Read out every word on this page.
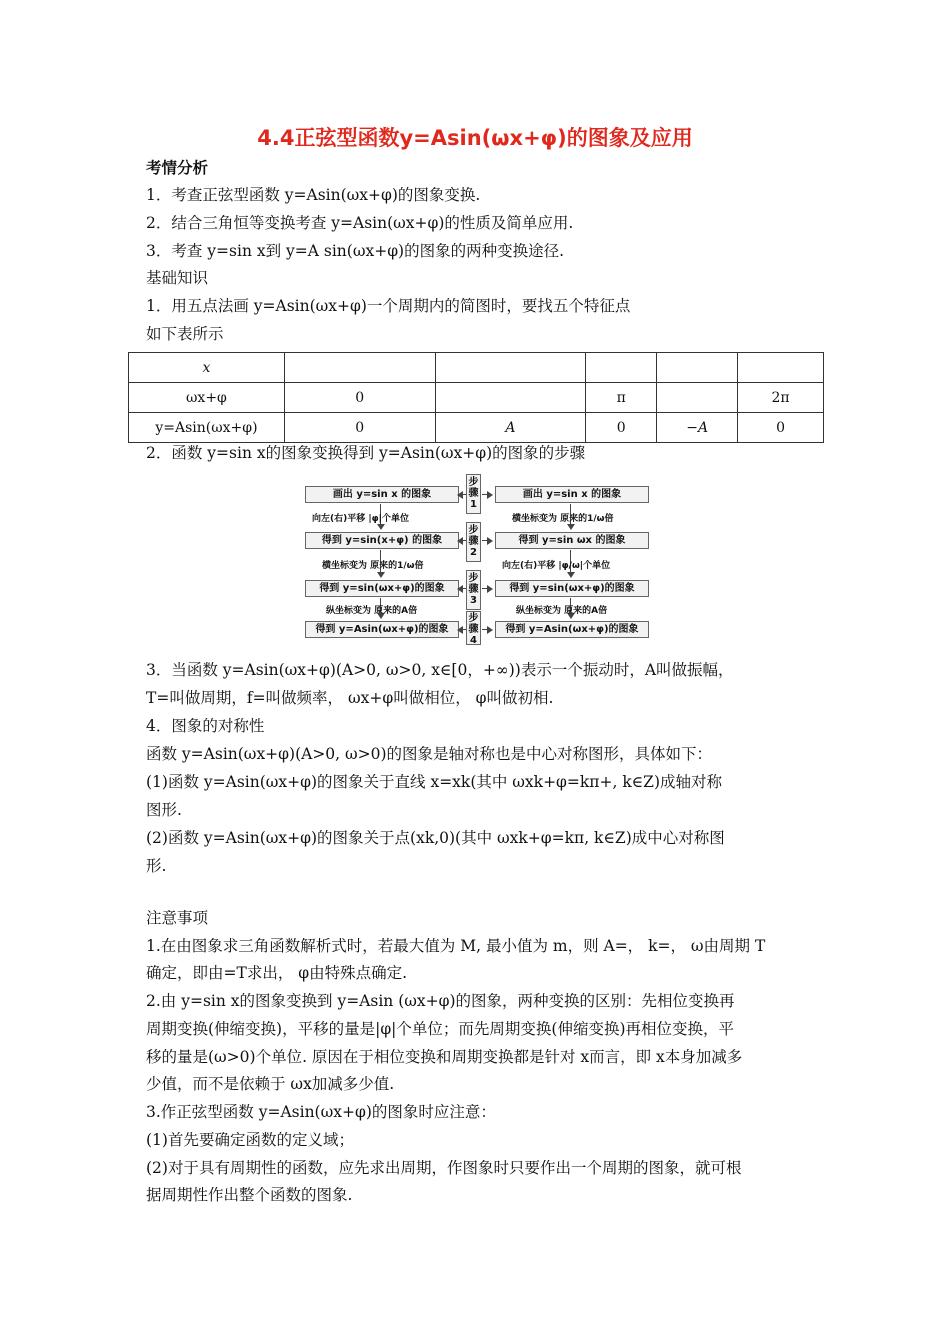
4.4正弦型函数y=Asin(ωx+φ)的图象及应用
考情分析
1．考查正弦型函数 y=Asin(ωx+φ)的图象变换.
2．结合三角恒等变换考查 y=Asin(ωx+φ)的性质及简单应用.
3．考查 y=sin x到 y=A sin(ωx+φ)的图象的两种变换途径.
基础知识
1．用五点法画 y=Asin(ωx+φ)一个周期内的简图时，要找五个特征点
如下表所示
x					
ωx+φ	0		π		2π
y=Asin(ωx+φ)	0	A	0	−A	0
2．函数 y=sin x的图象变换得到 y=Asin(ωx+φ)的图象的步骤
画出 y=sin x 的图象
得到 y=sin(x+φ) 的图象
得到 y=sin(ωx+φ)的图象
得到 y=Asin(ωx+φ)的图象
画出 y=sin x 的图象
得到 y=sin ωx 的图象
得到 y=sin(ωx+φ)的图象
得到 y=Asin(ωx+φ)的图象
步骤1
步骤2
步骤3
步骤4
向左(右)平移 |φ|个单位
横坐标变为 原来的1/ω倍
纵坐标变为 原来的A倍
横坐标变为 原来的1/ω倍
向左(右)平移 |φ/ω|个单位
纵坐标变为 原来的A倍
3．当函数 y=Asin(ωx+φ)(A>0, ω>0, x∈[0，+∞))表示一个振动时，A叫做振幅，
T=叫做周期，f=叫做频率， ωx+φ叫做相位， φ叫做初相.
4．图象的对称性
函数 y=Asin(ωx+φ)(A>0, ω>0)的图象是轴对称也是中心对称图形，具体如下：
(1)函数 y=Asin(ωx+φ)的图象关于直线 x=xk(其中 ωxk+φ=kπ+, k∈Z)成轴对称
图形.
(2)函数 y=Asin(ωx+φ)的图象关于点(xk,0)(其中 ωxk+φ=kπ, k∈Z)成中心对称图
形.
注意事项
1.在由图象求三角函数解析式时，若最大值为 M, 最小值为 m，则 A=， k=， ω由周期 T
确定，即由=T求出， φ由特殊点确定.
2.由 y=sin x的图象变换到 y=Asin (ωx+φ)的图象，两种变换的区别：先相位变换再
周期变换(伸缩变换)，平移的量是|φ|个单位；而先周期变换(伸缩变换)再相位变换，平
移的量是(ω>0)个单位. 原因在于相位变换和周期变换都是针对 x而言，即 x本身加减多
少值，而不是依赖于 ωx加减多少值.
3.作正弦型函数 y=Asin(ωx+φ)的图象时应注意：
(1)首先要确定函数的定义域；
(2)对于具有周期性的函数，应先求出周期，作图象时只要作出一个周期的图象，就可根
据周期性作出整个函数的图象.
